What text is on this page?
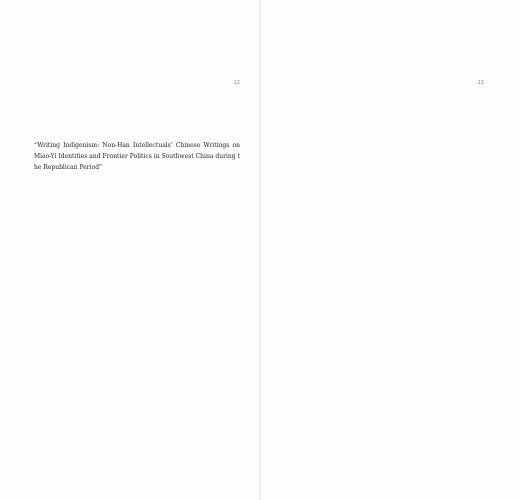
12

“Writing Indigenism: Non-Han Intellectuals’ Chinese Writings on Miao-Yi Identities and Frontier Politics in Southwest China during the Republican Period”

13
